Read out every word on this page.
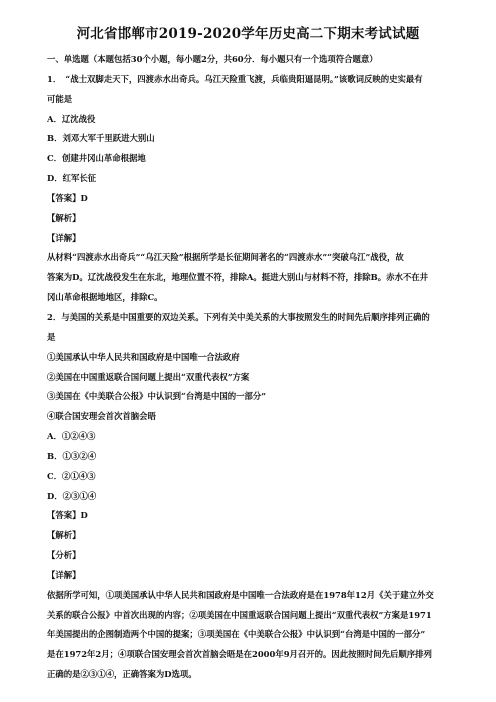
河北省邯郸市2019-2020学年历史高二下期末考试试题
一、单选题（本题包括30个小题，每小题2分，共60分．每小题只有一个选项符合题意）
1．　“战士双脚走天下，四渡赤水出奇兵。乌江天险重飞渡，兵临贵阳逼昆明。”该歌词反映的史实最有
可能是
A．辽沈战役
B．刘邓大军千里跃进大别山
C．创建井冈山革命根据地
D．红军长征
【答案】D
【解析】
【详解】
从材料“四渡赤水出奇兵”“乌江天险”根据所学是长征期间著名的“四渡赤水”“突破乌江”战役，故
答案为D。辽沈战役发生在东北，地理位置不符，排除A。挺进大别山与材料不符，排除B。赤水不在井
冈山革命根据地地区，排除C。
2．与美国的关系是中国重要的双边关系。下列有关中美关系的大事按照发生的时间先后顺序排列正确的
是
①美国承认中华人民共和国政府是中国唯一合法政府
②美国在中国重返联合国问题上提出“双重代表权”方案
③美国在《中美联合公报》中认识到“台湾是中国的一部分”
④联合国安理会首次首脑会晤
A．①②④③
B．①③②④
C．②①④③
D．②③①④
【答案】D
【解析】
【分析】
【详解】
依据所学可知，①项美国承认中华人民共和国政府是中国唯一合法政府是在1978年12月《关于建立外交
关系的联合公报》中首次出现的内容；②项美国在中国重返联合国问题上提出“双重代表权”方案是1971
年美国提出的企图制造两个中国的提案；③项美国在《中美联合公报》中认识到“台湾是中国的一部分”
是在1972年2月；④项联合国安理会首次首脑会晤是在2000年9月召开的。因此按照时间先后顺序排列
正确的是②③①④，正确答案为D选项。
